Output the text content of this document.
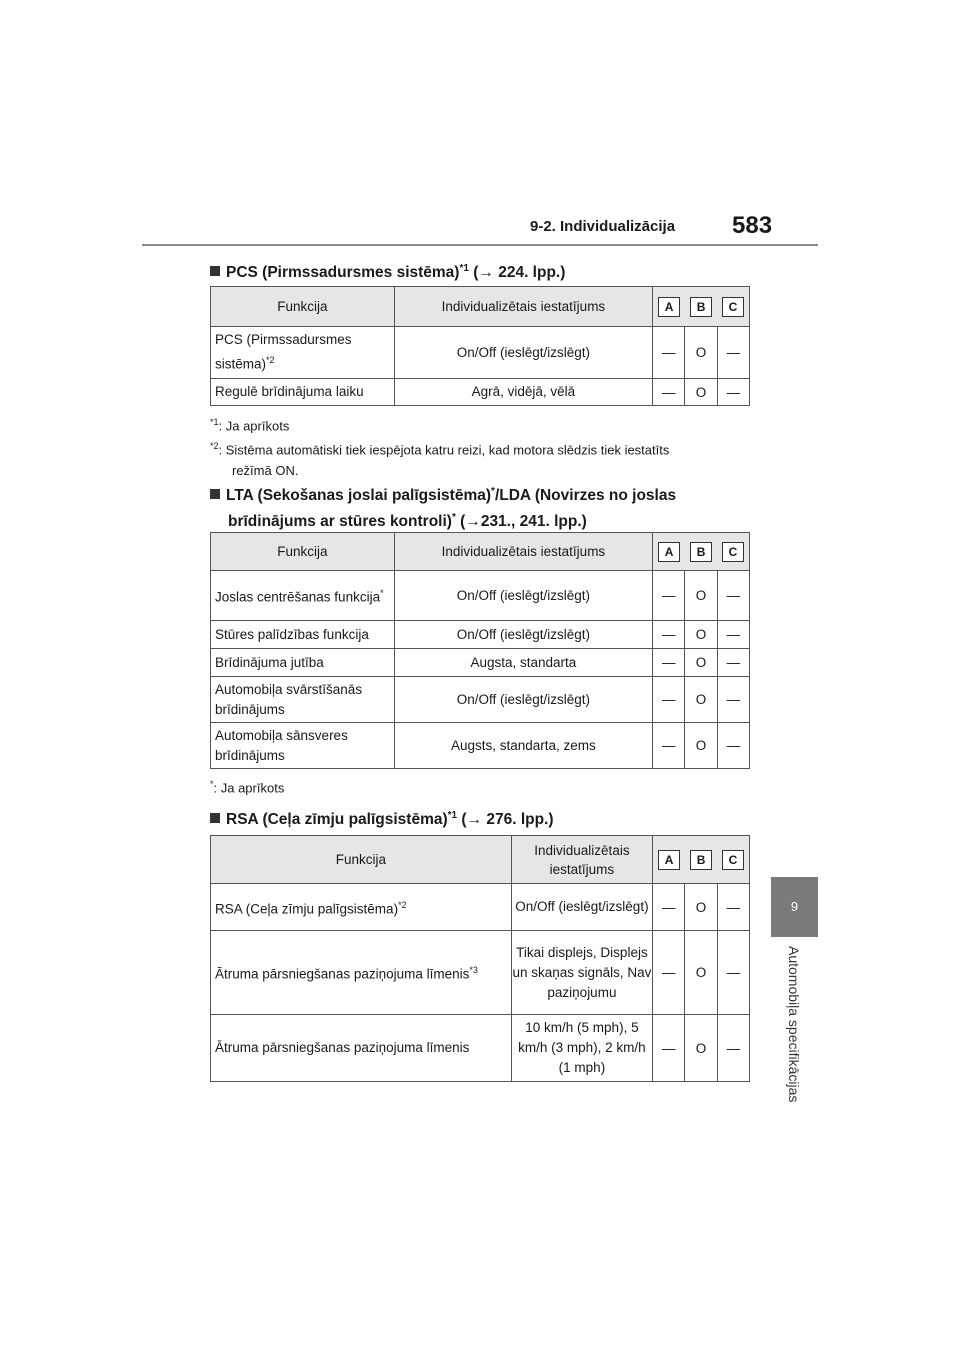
9-2. Individualizācija 583
9
Automobiļa specifikācijas
PCS (Pirmssadursmes sistēma)$^{*1}$ (→ 224. lpp.)
Funkcija	Individualizētais iestatījums	A B C		

PCS (Pirmssadursmes sistēma)$^{*2}$	On/Off (ieslēgt/izslēgt)	—	O	—
Regulē brīdinājuma laiku	Agrā, vidējā, vēlā	—	O	—
$^{*1}$: Ja aprīkots
$^{*2}$: Sistēma automātiski tiek iespējota katru reizi, kad motora slēdzis tiek iestatīts
režīmā ON.
LTA (Sekošanas joslai palīgsistēma)*/LDA (Novirzes no joslas
brīdinājums ar stūres kontroli)* (→231., 241. lpp.)
Funkcija	Individualizētais iestatījums	A B C		

Joslas centrēšanas funkcija*	On/Off (ieslēgt/izslēgt)	—	O	—
Stūres palīdzības funkcija	On/Off (ieslēgt/izslēgt)	—	O	—
Brīdinājuma jutība	Augsta, standarta	—	O	—
Automobiļa svārstīšanās brīdinājums	On/Off (ieslēgt/izslēgt)	—	O	—
Automobiļa sānsveres brīdinājums	Augsts, standarta, zems	—	O	—
*: Ja aprīkots
RSA (Ceļa zīmju palīgsistēma)$^{*1}$ (→ 276. lpp.)
Funkcija	Individualizētais iestatījums	A B C		

RSA (Ceļa zīmju palīgsistēma)$^{*2}$	On/Off (ieslēgt/izslēgt)	—	O	—
Ātruma pārsniegšanas paziņojuma līmenis$^{*3}$	Tikai displejs, Displejs un skaņas signāls, Nav paziņojumu	—	O	—
Ātruma pārsniegšanas paziņojuma līmenis	10 km/h (5 mph), 5 km/h (3 mph), 2 km/h (1 mph)	—	O	—
